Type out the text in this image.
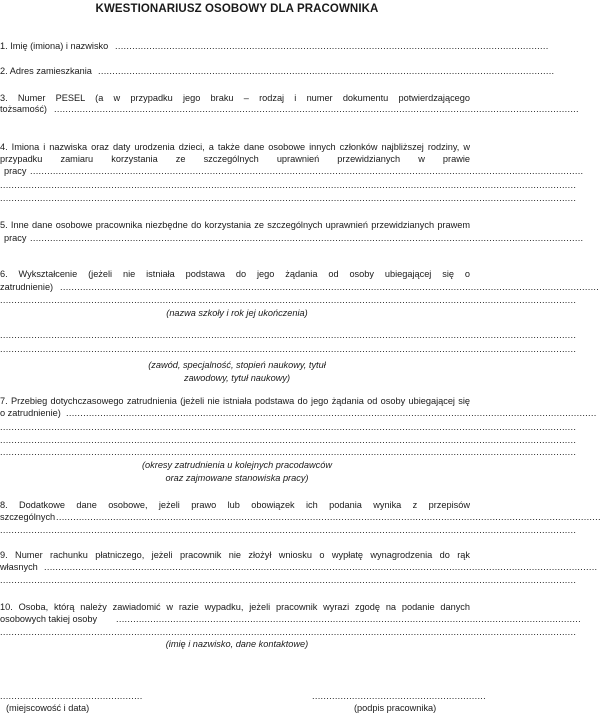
KWESTIONARIUSZ OSOBOWY DLA PRACOWNIKA
1. Imię (imiona) i nazwisko ........................................................................................................................................................
2. Adres zamieszkania ................................................................................................................................................................
3. Numer PESEL (a w przypadku jego braku – rodzaj i numer dokumentu potwierdzającego
tożsamość) ........................................................................................................................................................................................
4. Imiona i nazwiska oraz daty urodzenia dzieci, a także dane osobowe innych członków najbliższej rodziny, w
przypadku zamiaru korzystania ze szczególnych uprawnień przewidzianych w prawie
pracy ..................................................................................................................................................................................................
..........................................................................................................................................................................................................
..........................................................................................................................................................................................................
5. Inne dane osobowe pracownika niezbędne do korzystania ze szczególnych uprawnień przewidzianych prawem
pracy ..................................................................................................................................................................................................
6. Wykształcenie (jeżeli nie istniała podstawa do jego żądania od osoby ubiegającej się o
zatrudnienie) .............................................................................................................................................................................................
..........................................................................................................................................................................................................
(nazwa szkoły i rok jej ukończenia)
..........................................................................................................................................................................................................
..........................................................................................................................................................................................................
(zawód, specjalność, stopień naukowy, tytuł
zawodowy, tytuł naukowy)
7. Przebieg dotychczasowego zatrudnienia (jeżeli nie istniała podstawa do jego żądania od osoby ubiegającej się
o zatrudnienie) ..........................................................................................................................................................................................
..........................................................................................................................................................................................................
..........................................................................................................................................................................................................
..........................................................................................................................................................................................................
(okresy zatrudnienia u kolejnych pracodawców
oraz zajmowane stanowiska pracy)
8. Dodatkowe dane osobowe, jeżeli prawo lub obowiązek ich podania wynika z przepisów
szczególnych ...............................................................................................................................................................................................
..........................................................................................................................................................................................................
9. Numer rachunku płatniczego, jeżeli pracownik nie złożył wniosku o wypłatę wynagrodzenia do rąk
własnych ..................................................................................................................................................................................................
..........................................................................................................................................................................................................
10. Osoba, którą należy zawiadomić w razie wypadku, jeżeli pracownik wyrazi zgodę na podanie danych
osobowych takiej osoby ...................................................................................................................................................................
..........................................................................................................................................................................................................
(imię i nazwisko, dane kontaktowe)
..................................................	.............................................................
(miejscowość i data)	(podpis pracownika)
